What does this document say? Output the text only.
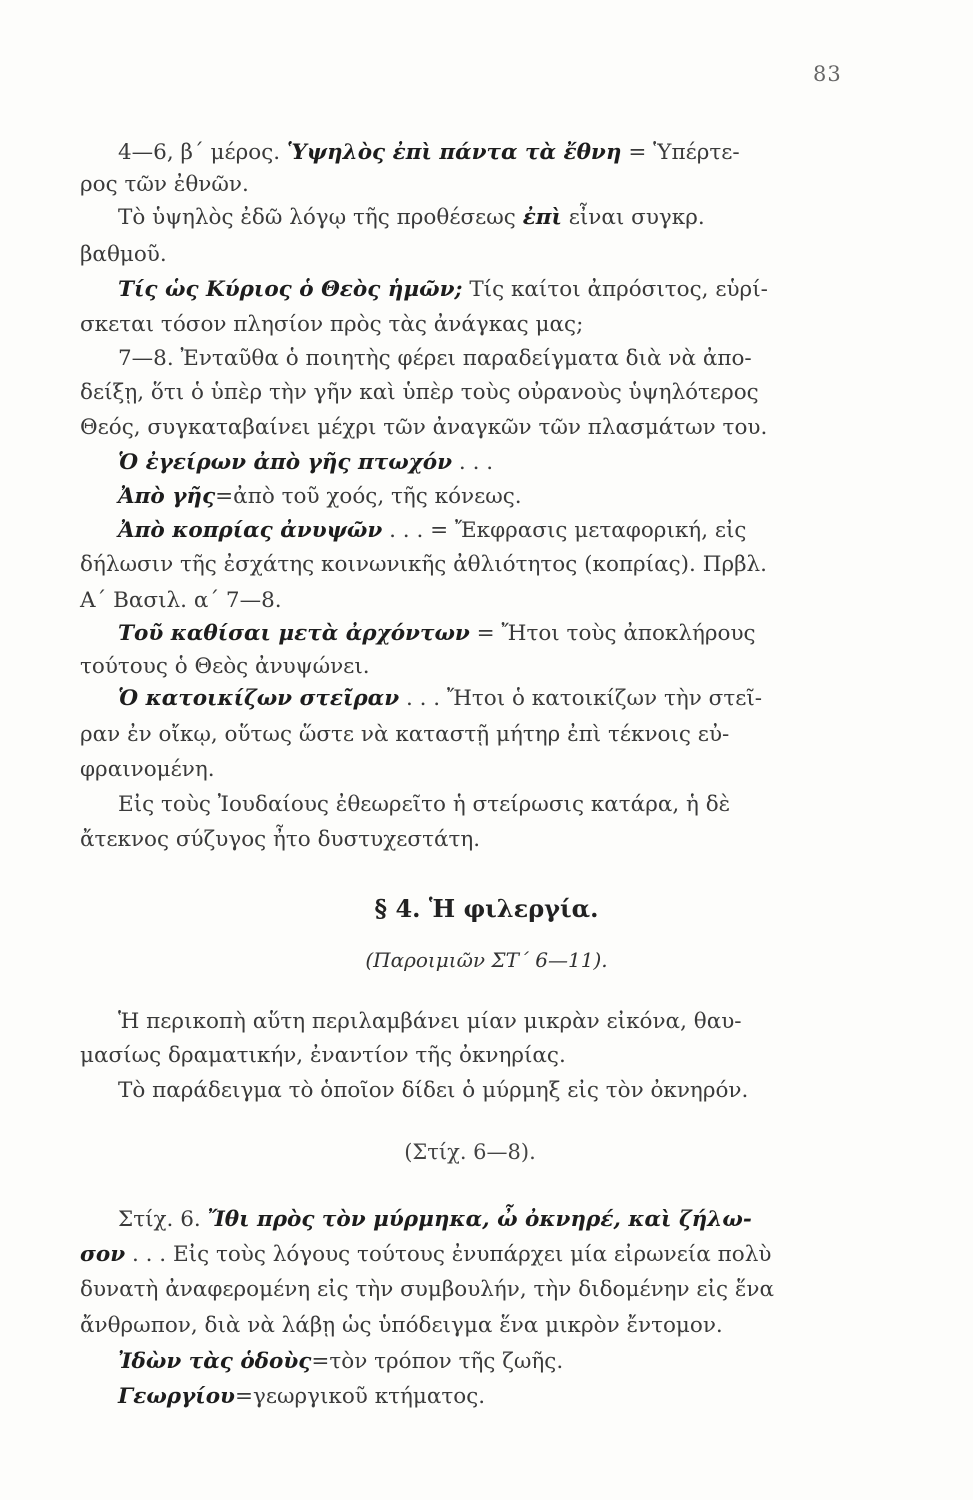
83
4—6, β΄ μέρος. Ὑψηλὸς ἐπὶ πάντα τὰ ἔθνη = Ὑπέρτε-
ρος τῶν ἐθνῶν.
Τὸ ὑψηλὸς ἐδῶ λόγῳ τῆς προθέσεως ἐπὶ εἶναι συγκρ.
βαθμοῦ.
Τίς ὡς Κύριος ὁ Θεὸς ἡμῶν; Τίς καίτοι ἀπρόσιτος, εὑρί-
σκεται τόσον πλησίον πρὸς τὰς ἀνάγκας μας;
7—8. Ἐνταῦθα ὁ ποιητὴς φέρει παραδείγματα διὰ νὰ ἀπο-
δείξῃ, ὅτι ὁ ὑπὲρ τὴν γῆν καὶ ὑπὲρ τοὺς οὐρανοὺς ὑψηλότερος
Θεός, συγκαταβαίνει μέχρι τῶν ἀναγκῶν τῶν πλασμάτων του.
Ὁ ἐγείρων ἀπὸ γῆς πτωχόν . . .
Ἀπὸ γῆς=ἀπὸ τοῦ χοός, τῆς κόνεως.
Ἀπὸ κοπρίας ἀνυψῶν . . . = Ἔκφρασις μεταφορική, εἰς
δήλωσιν τῆς ἐσχάτης κοινωνικῆς ἀθλιότητος (κοπρίας). Πρβλ.
Α΄ Βασιλ. α΄ 7—8.
Τοῦ καθίσαι μετὰ ἀρχόντων = Ἤτοι τοὺς ἀποκλήρους
τούτους ὁ Θεὸς ἀνυψώνει.
Ὁ κατοικίζων στεῖραν . . . Ἤτοι ὁ κατοικίζων τὴν στεῖ-
ραν ἐν οἴκῳ, οὕτως ὥστε νὰ καταστῇ μήτηρ ἐπὶ τέκνοις εὐ-
φραινομένη.
Εἰς τοὺς Ἰουδαίους ἐθεωρεῖτο ἡ στείρωσις κατάρα, ἡ δὲ
ἄτεκνος σύζυγος ἦτο δυστυχεστάτη.
§ 4. Ἡ φιλεργία.
(Παροιμιῶν ΣΤ΄ 6—11).
Ἡ περικοπὴ αὕτη περιλαμβάνει μίαν μικρὰν εἰκόνα, θαυ-
μασίως δραματικήν, ἐναντίον τῆς ὀκνηρίας.
Τὸ παράδειγμα τὸ ὁποῖον δίδει ὁ μύρμηξ εἰς τὸν ὀκνηρόν.
(Στίχ. 6—8).
Στίχ. 6. Ἴθι πρὸς τὸν μύρμηκα, ὦ ὀκνηρέ, καὶ ζήλω-
σον . . . Εἰς τοὺς λόγους τούτους ἐνυπάρχει μία εἰρωνεία πολὺ
δυνατὴ ἀναφερομένη εἰς τὴν συμβουλήν, τὴν διδομένην εἰς ἕνα
ἄνθρωπον, διὰ νὰ λάβῃ ὡς ὑπόδειγμα ἕνα μικρὸν ἔντομον.
Ἰδὼν τὰς ὁδοὺς=τὸν τρόπον τῆς ζωῆς.
Γεωργίου=γεωργικοῦ κτήματος.
